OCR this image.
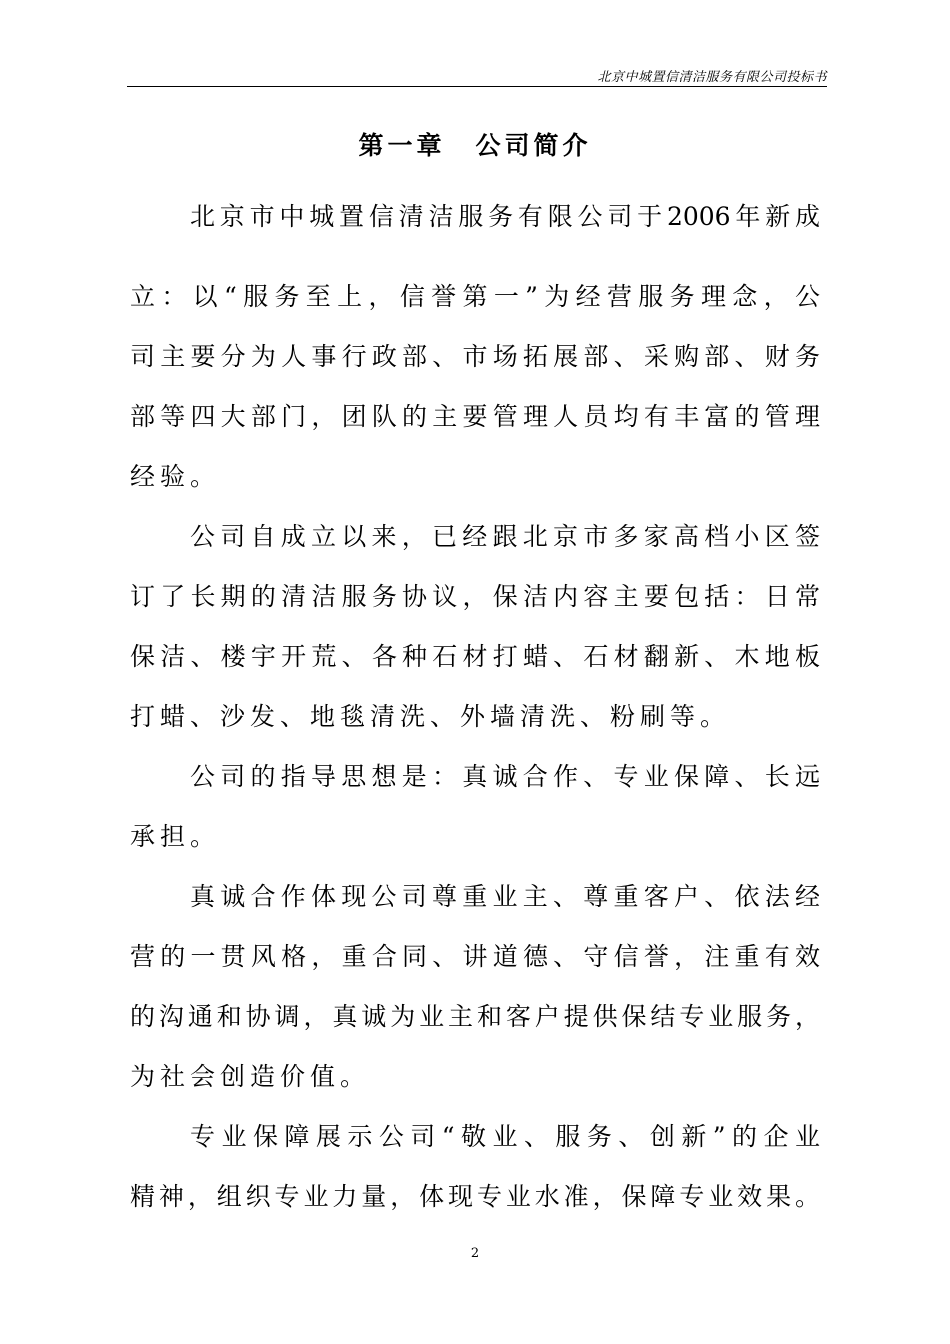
北京中城置信清洁服务有限公司投标书
第一章 公司简介
北京市中城置信清洁服务有限公司于2006年新成
立：以“服务至上，信誉第一”为经营服务理念，公
司主要分为人事行政部、市场拓展部、采购部、财务
部等四大部门，团队的主要管理人员均有丰富的管理
经验。
公司自成立以来，已经跟北京市多家高档小区签
订了长期的清洁服务协议，保洁内容主要包括：日常
保洁、楼宇开荒、各种石材打蜡、石材翻新、木地板
打蜡、沙发、地毯清洗、外墙清洗、粉刷等。
公司的指导思想是：真诚合作、专业保障、长远
承担。
真诚合作体现公司尊重业主、尊重客户、依法经
营的一贯风格，重合同、讲道德、守信誉，注重有效
的沟通和协调，真诚为业主和客户提供保结专业服务，
为社会创造价值。
专业保障展示公司“敬业、服务、创新”的企业
精神，组织专业力量，体现专业水准，保障专业效果。
2
